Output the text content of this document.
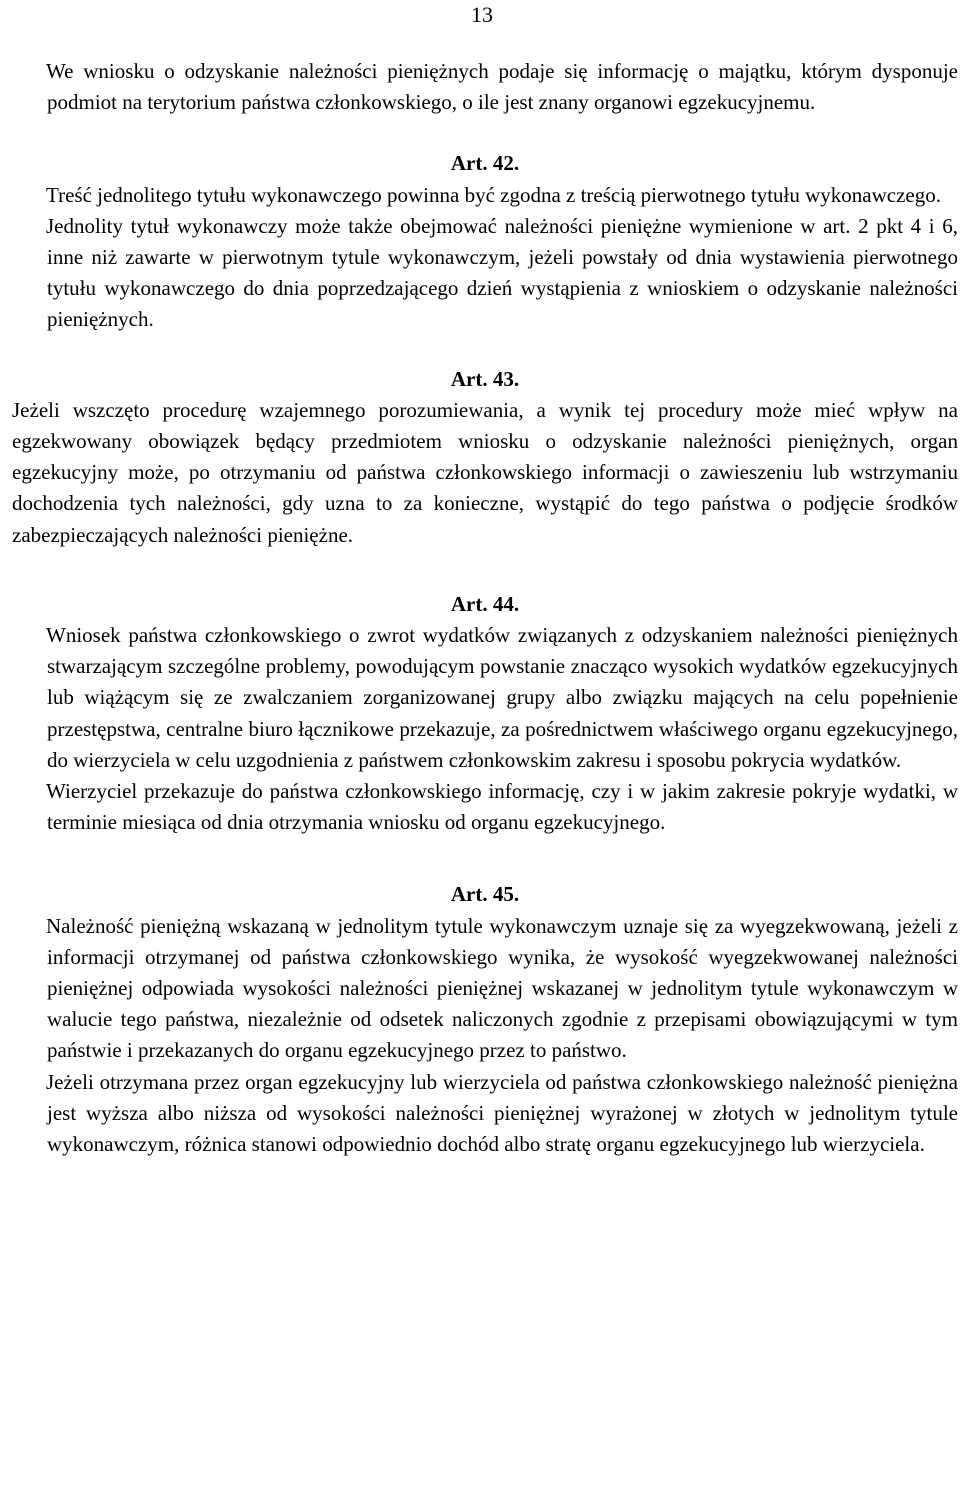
13

We wniosku o odzyskanie należności pieniężnych podaje się informację o majątku, którym dysponuje podmiot na terytorium państwa członkowskiego, o ile jest znany organowi egzekucyjnemu.

Art. 42.

Treść jednolitego tytułu wykonawczego powinna być zgodna z treścią pierwotnego tytułu wykonawczego.

Jednolity tytuł wykonawczy może także obejmować należności pieniężne wymienione w art. 2 pkt 4 i 6, inne niż zawarte w pierwotnym tytule wykonawczym, jeżeli powstały od dnia wystawienia pierwotnego tytułu wykonawczego do dnia poprzedzającego dzień wystąpienia z wnioskiem o odzyskanie należności pieniężnych.

Art. 43.

Jeżeli wszczęto procedurę wzajemnego porozumiewania, a wynik tej procedury może mieć wpływ na egzekwowany obowiązek będący przedmiotem wniosku o odzyskanie należności pieniężnych, organ egzekucyjny może, po otrzymaniu od państwa członkowskiego informacji o zawieszeniu lub wstrzymaniu dochodzenia tych należności, gdy uzna to za konieczne, wystąpić do tego państwa o podjęcie środków zabezpieczających należności pieniężne.

Art. 44.

Wniosek państwa członkowskiego o zwrot wydatków związanych z odzyskaniem należności pieniężnych stwarzającym szczególne problemy, powodującym powstanie znacząco wysokich wydatków egzekucyjnych lub wiążącym się ze zwalczaniem zorganizowanej grupy albo związku mających na celu popełnienie przestępstwa, centralne biuro łącznikowe przekazuje, za pośrednictwem właściwego organu egzekucyjnego, do wierzyciela w celu uzgodnienia z państwem członkowskim zakresu i sposobu pokrycia wydatków.

Wierzyciel przekazuje do państwa członkowskiego informację, czy i w jakim zakresie pokryje wydatki, w terminie miesiąca od dnia otrzymania wniosku od organu egzekucyjnego.

Art. 45.

Należność pieniężną wskazaną w jednolitym tytule wykonawczym uznaje się za wyegzekwowaną, jeżeli z informacji otrzymanej od państwa członkowskiego wynika, że wysokość wyegzekwowanej należności pieniężnej odpowiada wysokości należności pieniężnej wskazanej w jednolitym tytule wykonawczym w walucie tego państwa, niezależnie od odsetek naliczonych zgodnie z przepisami obowiązującymi w tym państwie i przekazanych do organu egzekucyjnego przez to państwo.

Jeżeli otrzymana przez organ egzekucyjny lub wierzyciela od państwa członkowskiego należność pieniężna jest wyższa albo niższa od wysokości należności pieniężnej wyrażonej w złotych w jednolitym tytule wykonawczym, różnica stanowi odpowiednio dochód albo stratę organu egzekucyjnego lub wierzyciela.
